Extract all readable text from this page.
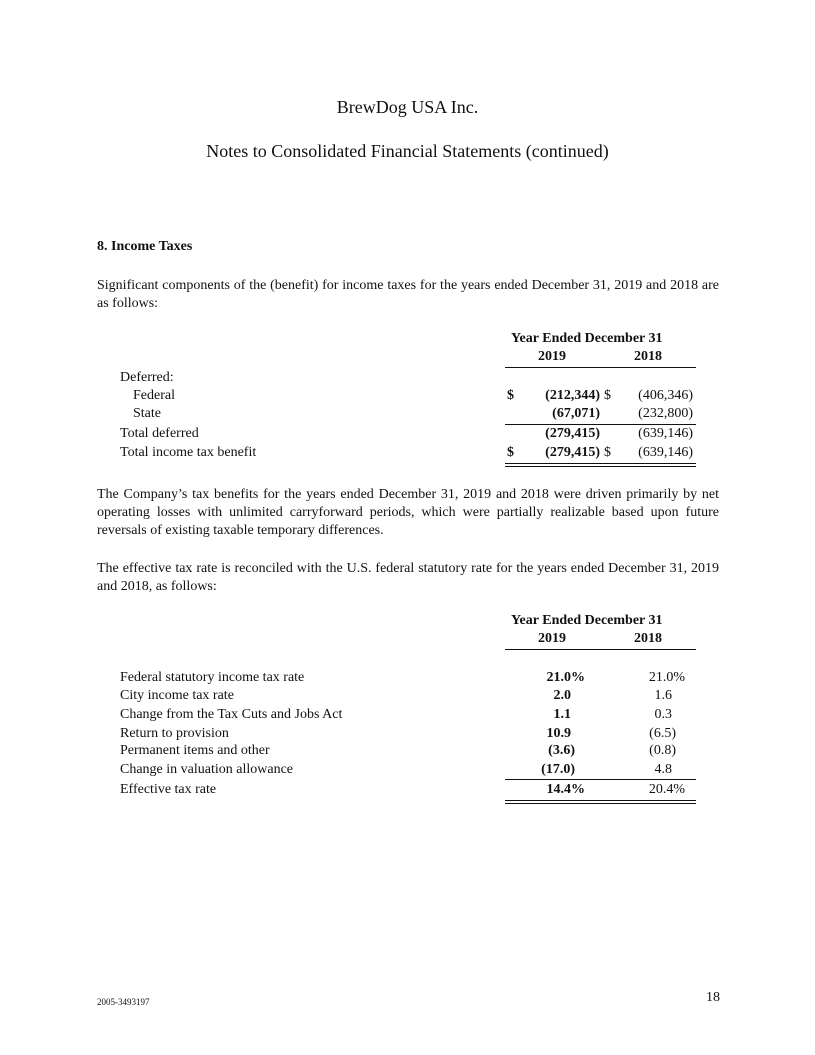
BrewDog USA Inc.
Notes to Consolidated Financial Statements (continued)
8. Income Taxes
Significant components of the (benefit) for income taxes for the years ended December 31, 2019 and 2018 are as follows:
Year Ended December 31
2019	2018
Deferred:
Federal	$	(212,344) $	(406,346)
State	(67,071)	(232,800)
Total deferred	(279,415)	(639,146)
Total income tax benefit	$	(279,415) $	(639,146)
The Company’s tax benefits for the years ended December 31, 2019 and 2018 were driven primarily by net operating losses with unlimited carryforward periods, which were partially realizable based upon future reversals of existing taxable temporary differences.
The effective tax rate is reconciled with the U.S. federal statutory rate for the years ended December 31, 2019 and 2018, as follows:
Year Ended December 31
2019	2018
Federal statutory income tax rate	21.0%	21.0%
City income tax rate	2.0	1.6
Change from the Tax Cuts and Jobs Act	1.1	0.3
Return to provision	10.9	(6.5)
Permanent items and other	(3.6)	(0.8)
Change in valuation allowance	(17.0)	4.8
Effective tax rate	14.4%	20.4%
2005-3493197	18
